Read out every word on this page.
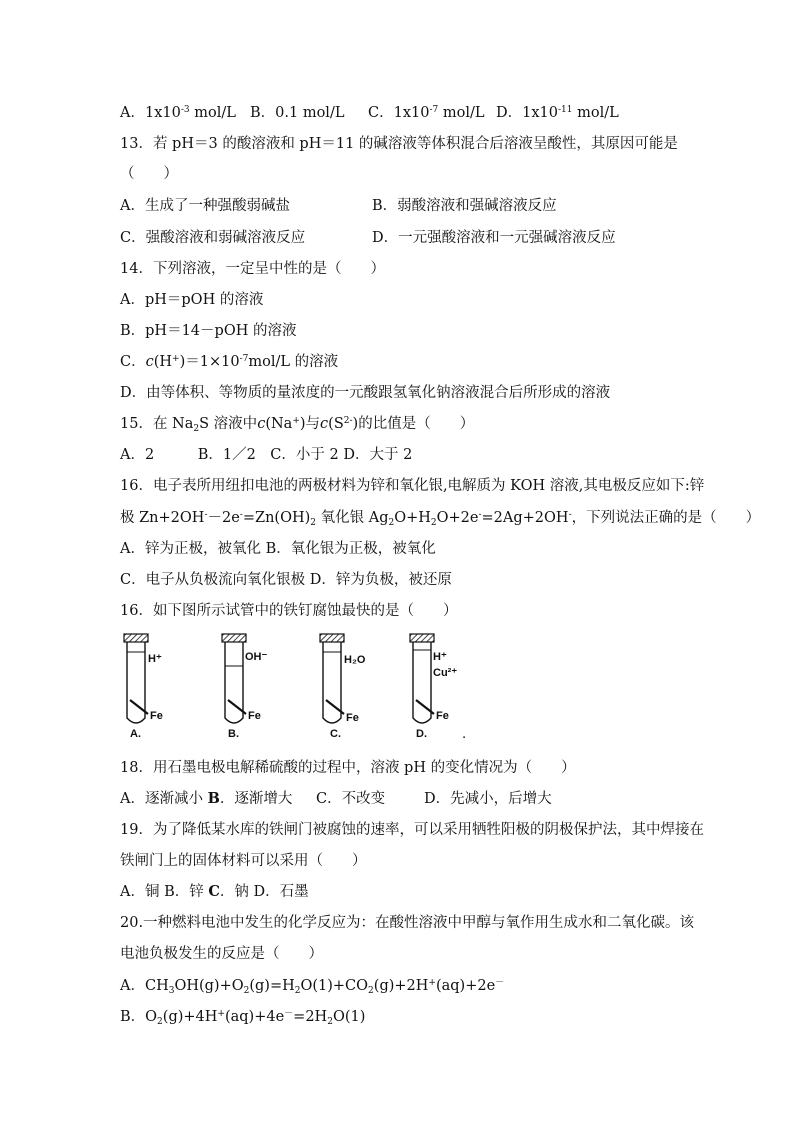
A．$1x10^{-3}$ mol/L B．0.1 mol/L C．$1x10^{-7}$ mol/L D．$1x10^{-11}$ mol/L
13．若 pH＝3 的酸溶液和 pH＝11 的碱溶液等体积混合后溶液呈酸性，其原因可能是
（　　）
A．生成了一种强酸弱碱盐	B．弱酸溶液和强碱溶液反应
C．强酸溶液和弱碱溶液反应	D．一元强酸溶液和一元强碱溶液反应
14．下列溶液，一定呈中性的是（　　）
A．pH＝pOH 的溶液
B．pH＝14－pOH 的溶液
C．$c(H^+)=1\times 10^{-7}mol/L$ 的溶液
D．由等体积、等物质的量浓度的一元酸跟氢氧化钠溶液混合后所形成的溶液
15．在 $Na_2S$ 溶液中c(Na+)与$c(S^{2-})$的比值是（　　）
A．2　　　B．1／2　C．小于 2 D．大于 2
16．电子表所用纽扣电池的两极材料为锌和氧化银,电解质为 KOH 溶液,其电极反应如下:锌
极 $Zn+2OH^--2e^-=Zn(OH)_2$ 氧化银 $Ag_2O+H_2O+2e^-=2Ag+2OH^-$，下列说法正确的是（　　）
A．锌为正极，被氧化 B．氧化银为正极，被氧化
C．电子从负极流向氧化银极 D．锌为负极，被还原
16．如下图所示试管中的铁钉腐蚀最快的是（　　）
H⁺
Fe
A.
OH⁻
Fe
B.
H₂O
Fe
C.
H⁺
Cu²⁺
Fe
D.	.
18．用石墨电极电解稀硫酸的过程中，溶液 pH 的变化情况为（　　）
A．逐渐减小 B．逐渐增大 C．不改变	D．先减小，后增大
19．为了降低某水库的铁闸门被腐蚀的速率，可以采用牺牲阳极的阴极保护法，其中焊接在
铁闸门上的固体材料可以采用（　　）
A．铜 B．锌 C．钠 D．石墨
20.一种燃料电池中发生的化学反应为：在酸性溶液中甲醇与氧作用生成水和二氧化碳。该
电池负极发生的反应是（　　）
A．$CH_3OH(g)+O_2(g)=H_2O(1)+CO_2(g)+2H^+(aq)+2e^-$
B．$O_2(g)+4H^+(aq)+4e^-=2H_2O(1)$
